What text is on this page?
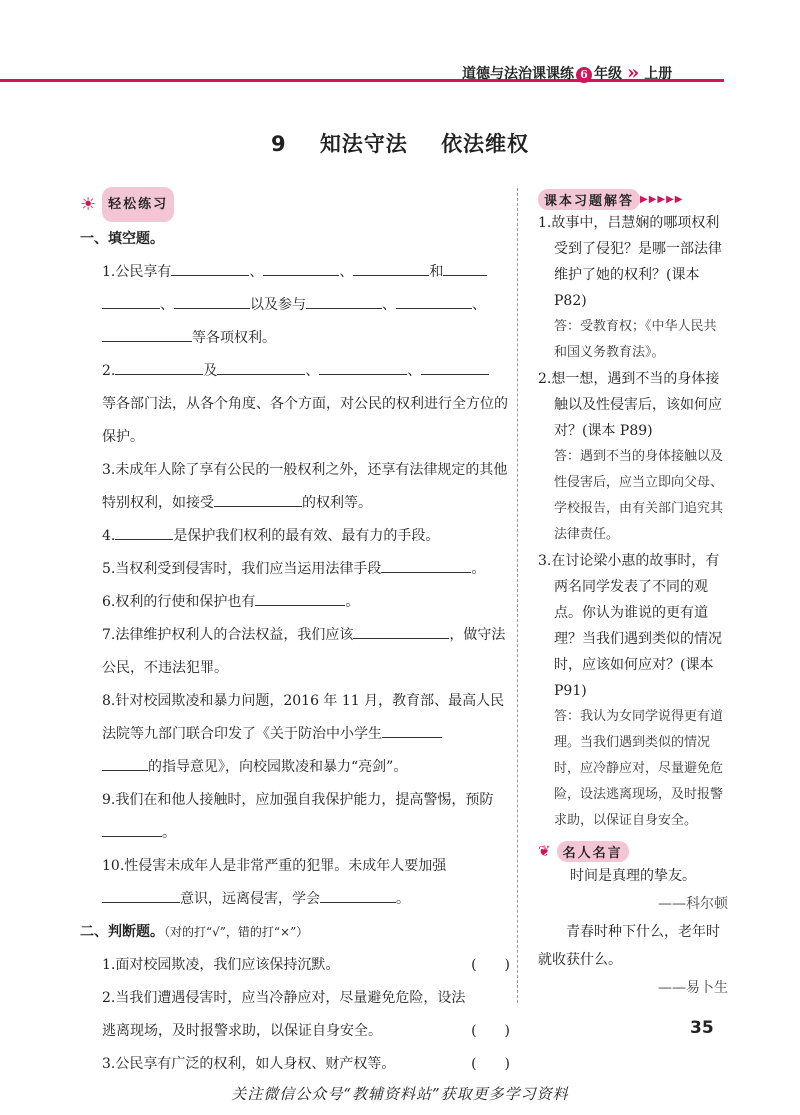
道德与法治课课练 6 年级 » 上册
9 知法守法 依法维权
☀ 轻松练习
一、填空题。
1.公民享有	、	、	和
、	以及参与	、	、
等各项权利。
2.	及	、	、
等各部门法，从各个角度、各个方面，对公民的权利进行全方位的保护。
3.未成年人除了享有公民的一般权利之外，还享有法律规定的其他特别权利，如接受	的权利等。
4.	是保护我们权利的最有效、最有力的手段。
5.当权利受到侵害时，我们应当运用法律手段	。
6.权利的行使和保护也有	。
7.法律维护权利人的合法权益，我们应该	，做守法公民，不违法犯罪。
8.针对校园欺凌和暴力问题，2016 年 11 月，教育部、最高人民法院等九部门联合印发了《关于防治中小学生
的指导意见》，向校园欺凌和暴力“亮剑”。
9.我们在和他人接触时，应加强自我保护能力，提高警惕，预防。
10.性侵害未成年人是非常严重的犯罪。未成年人要加强意识，远离侵害，学会	。
二、判断题。（对的打“√”，错的打“×”）
1.面对校园欺凌，我们应该保持沉默。	(　　)
2.当我们遭遇侵害时，应当冷静应对，尽量避免危险，设法逃离现场，及时报警求助，以保证自身安全。	(　　)
3.公民享有广泛的权利，如人身权、财产权等。	(　　)
课本习题解答 ▶▶▶▶▶
1.故事中，吕慧娴的哪项权利受到了侵犯？是哪一部法律维护了她的权利？(课本 P82)
答：受教育权；《中华人民共和国义务教育法》。
2.想一想，遇到不当的身体接触以及性侵害后，该如何应对？(课本 P89)
答：遇到不当的身体接触以及性侵害后，应当立即向父母、学校报告，由有关部门追究其法律责任。
3.在讨论梁小惠的故事时，有两名同学发表了不同的观点。你认为谁说的更有道理？当我们遇到类似的情况时，应该如何应对？(课本 P91)
答：我认为女同学说得更有道理。当我们遇到类似的情况时，应冷静应对，尽量避免危险，设法逃离现场，及时报警求助，以保证自身安全。
❦ 名人名言
时间是真理的挚友。
——科尔顿
青春时种下什么，老年时就收获什么。
——易卜生
35
关注微信公众号“教辅资料站”获取更多学习资料
